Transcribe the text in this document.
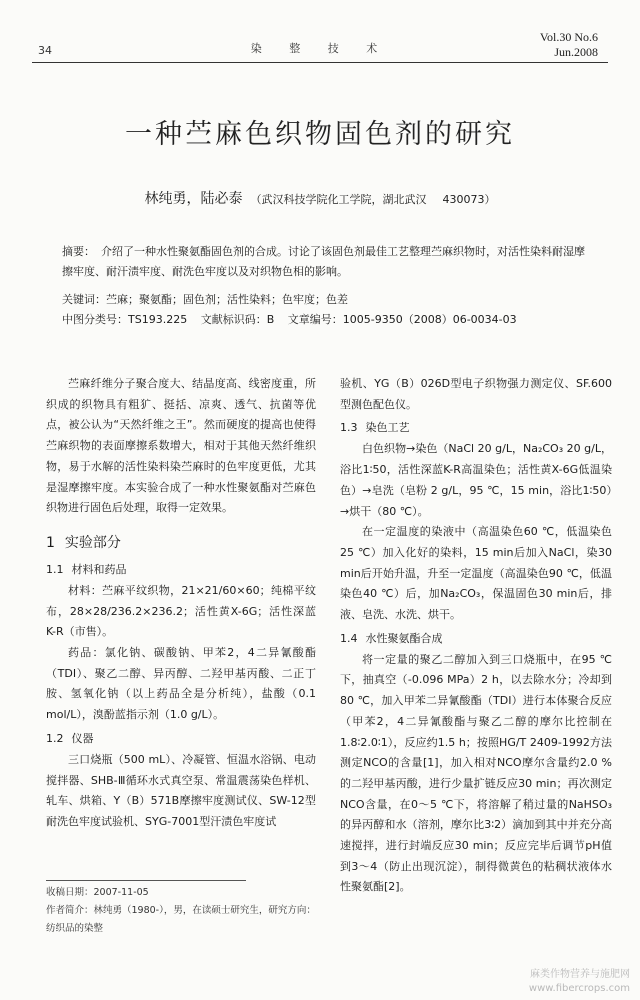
34	染 整 技 术
Vol.30 No.6
Jun.2008
一种苎麻色织物固色剂的研究
林纯勇，陆必泰 （武汉科技学院化工学院，湖北武汉 430073）

摘要： 介绍了一种水性聚氨酯固色剂的合成。讨论了该固色剂最佳工艺整理苎麻织物时，对活性染料耐湿摩擦牢度、耐汗渍牢度、耐洗色牢度以及对织物色相的影响。

关键词：苎麻；聚氨酯；固色剂；活性染料；色牢度；色差
中图分类号：TS193.225 文献标识码：B 文章编号：1005-9350（2008）06-0034-03

苎麻纤维分子聚合度大、结晶度高、线密度重，所织成的织物具有粗犷、挺括、凉爽、透气、抗菌等优点，被公认为“天然纤维之王”。然而硬度的提高也使得苎麻织物的表面摩擦系数增大，相对于其他天然纤维织物，易于水解的活性染料染苎麻时的色牢度更低，尤其是湿摩擦牢度。本实验合成了一种水性聚氨酯对苎麻色织物进行固色后处理，取得一定效果。

1 实验部分
1.1 材料和药品

材料：苎麻平纹织物，21×21/60×60；纯棉平纹布，28×28/236.2×236.2；活性黄X-6G；活性深蓝K-R（市售）。

药品：氯化钠、碳酸钠、甲苯2，4二异氰酸酯（TDI）、聚乙二醇、异丙醇、二羟甲基丙酸、二正丁胺、氢氧化钠（以上药品全是分析纯），盐酸（0.1 mol/L），溴酚蓝指示剂（1.0 g/L）。

1.2 仪器

三口烧瓶（500 mL）、冷凝管、恒温水浴锅、电动搅拌器、SHB-Ⅲ循环水式真空泵、常温震荡染色样机、轧车、烘箱、Y（B）571B摩擦牢度测试仪、SW-12型耐洗色牢度试验机、SYG-7001型汗渍色牢度试

验机、YG（B）026D型电子织物强力测定仪、SF.600型测色配色仪。

1.3 染色工艺

白色织物→染色（NaCl 20 g/L，Na₂CO₃ 20 g/L，浴比1∶50，活性深蓝K-R高温染色；活性黄X-6G低温染色）→皂洗（皂粉 2 g/L，95 ℃，15 min，浴比1∶50）→烘干（80 ℃）。

在一定温度的染液中（高温染色60 ℃，低温染色25 ℃）加入化好的染料，15 min后加入NaCl，染30 min后开始升温，升至一定温度（高温染色90 ℃，低温染色40 ℃）后，加Na₂CO₃，保温固色30 min后，排液、皂洗、水洗、烘干。

1.4 水性聚氨酯合成

将一定量的聚乙二醇加入到三口烧瓶中，在95 ℃下，抽真空（-0.096 MPa）2 h，以去除水分；冷却到80 ℃，加入甲苯二异氰酸酯（TDI）进行本体聚合反应（甲苯2，4二异氰酸酯与聚乙二醇的摩尔比控制在1.8∶2.0∶1），反应约1.5 h；按照HG/T 2409-1992方法测定NCO的含量[1]，加入相对NCO摩尔含量约2.0 %的二羟甲基丙酸，进行少量扩链反应30 min；再次测定NCO含量，在0～5 ℃下，将溶解了稍过量的NaHSO₃的异丙醇和水（溶剂，摩尔比3∶2）滴加到其中并充分高速搅拌，进行封端反应30 min；反应完毕后调节pH值到3～4（防止出现沉淀），制得微黄色的粘稠状液体水性聚氨酯[2]。

收稿日期：2007-11-05

作者简介：林纯勇（1980-），男，在读硕士研究生，研究方向：纺织品的染整

麻类作物营养与施肥网
www.fibercrops.com
